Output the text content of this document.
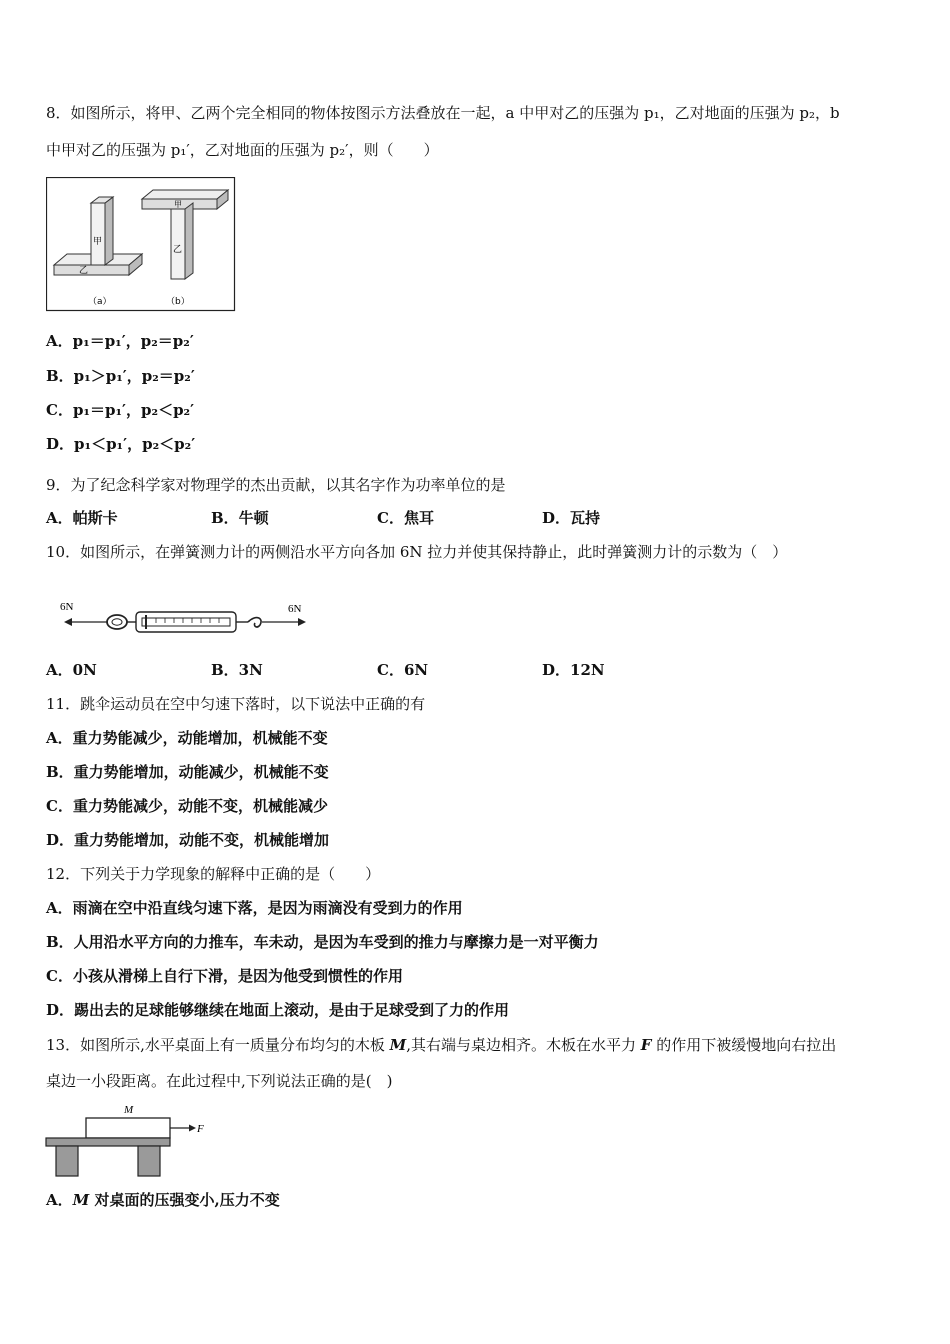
8．如图所示，将甲、乙两个完全相同的物体按图示方法叠放在一起，a 中甲对乙的压强为 p₁，乙对地面的压强为 p₂，b
中甲对乙的压强为 p₁′，乙对地面的压强为 p₂′，则（　　）
甲
乙
（a）
甲
乙
（b）
A．p₁＝p₁′，p₂＝p₂′
B．p₁＞p₁′，p₂＝p₂′
C．p₁＝p₁′，p₂＜p₂′
D．p₁＜p₁′，p₂＜p₂′
9．为了纪念科学家对物理学的杰出贡献，以其名字作为功率单位的是
A．帕斯卡	B．牛顿	C．焦耳	D．瓦持
10．如图所示，在弹簧测力计的两侧沿水平方向各加 6N 拉力并使其保持静止，此时弹簧测力计的示数为（　）
6N	6N
A．0N	B．3N	C．6N	D．12N
11．跳伞运动员在空中匀速下落时，以下说法中正确的有
A．重力势能减少，动能增加，机械能不变
B．重力势能增加，动能减少，机械能不变
C．重力势能减少，动能不变，机械能减少
D．重力势能增加，动能不变，机械能增加
12．下列关于力学现象的解释中正确的是（　　）
A．雨滴在空中沿直线匀速下落，是因为雨滴没有受到力的作用
B．人用沿水平方向的力推车，车未动，是因为车受到的推力与摩擦力是一对平衡力
C．小孩从滑梯上自行下滑，是因为他受到惯性的作用
D．踢出去的足球能够继续在地面上滚动，是由于足球受到了力的作用
13．如图所示,水平桌面上有一质量分布均匀的木板 M,其右端与桌边相齐。木板在水平力 F 的作用下被缓慢地向右拉出
桌边一小段距离。在此过程中,下列说法正确的是(　)
M
F
A．M 对桌面的压强变小,压力不变
